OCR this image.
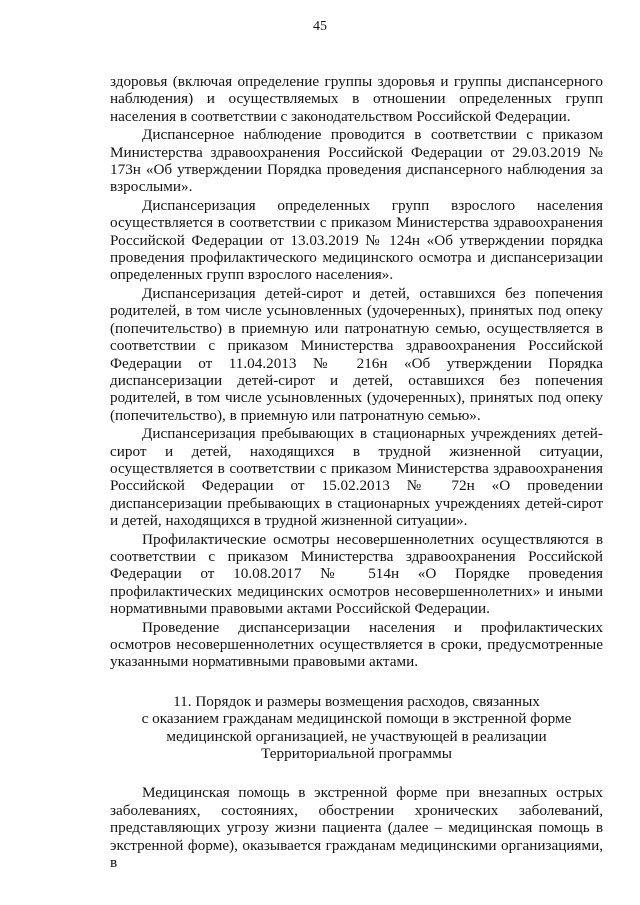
45

здоровья (включая определение группы здоровья и группы диспансерного наблюдения) и осуществляемых в отношении определенных групп населения в соответствии с законодательством Российской Федерации.

Диспансерное наблюдение проводится в соответствии с приказом Министерства здравоохранения Российской Федерации от 29.03.2019 № 173н «Об утверждении Порядка проведения диспансерного наблюдения за взрослыми».

Диспансеризация определенных групп взрослого населения осуществляется в соответствии с приказом Министерства здравоохранения Российской Федерации от 13.03.2019 № 124н «Об утверждении порядка проведения профилактического медицинского осмотра и диспансеризации определенных групп взрослого населения».

Диспансеризация детей-сирот и детей, оставшихся без попечения родителей, в том числе усыновленных (удочеренных), принятых под опеку (попечительство) в приемную или патронатную семью, осуществляется в соответствии с приказом Министерства здравоохранения Российской Федерации от 11.04.2013 № 216н «Об утверждении Порядка диспансеризации детей-сирот и детей, оставшихся без попечения родителей, в том числе усыновленных (удочеренных), принятых под опеку (попечительство), в приемную или патронатную семью».

Диспансеризация пребывающих в стационарных учреждениях детей-сирот и детей, находящихся в трудной жизненной ситуации, осуществляется в соответствии с приказом Министерства здравоохранения Российской Федерации от 15.02.2013 № 72н «О проведении диспансеризации пребывающих в стационарных учреждениях детей-сирот и детей, находящихся в трудной жизненной ситуации».

Профилактические осмотры несовершеннолетних осуществляются в соответствии с приказом Министерства здравоохранения Российской Федерации от 10.08.2017 № 514н «О Порядке проведения профилактических медицинских осмотров несовершеннолетних» и иными нормативными правовыми актами Российской Федерации.

Проведение диспансеризации населения и профилактических осмотров несовершеннолетних осуществляется в сроки, предусмотренные указанными нормативными правовыми актами.

11. Порядок и размеры возмещения расходов, связанных
с оказанием гражданам медицинской помощи в экстренной форме
медицинской организацией, не участвующей в реализации
Территориальной программы

Медицинская помощь в экстренной форме при внезапных острых заболеваниях, состояниях, обострении хронических заболеваний, представляющих угрозу жизни пациента (далее – медицинская помощь в экстренной форме), оказывается гражданам медицинскими организациями, в
